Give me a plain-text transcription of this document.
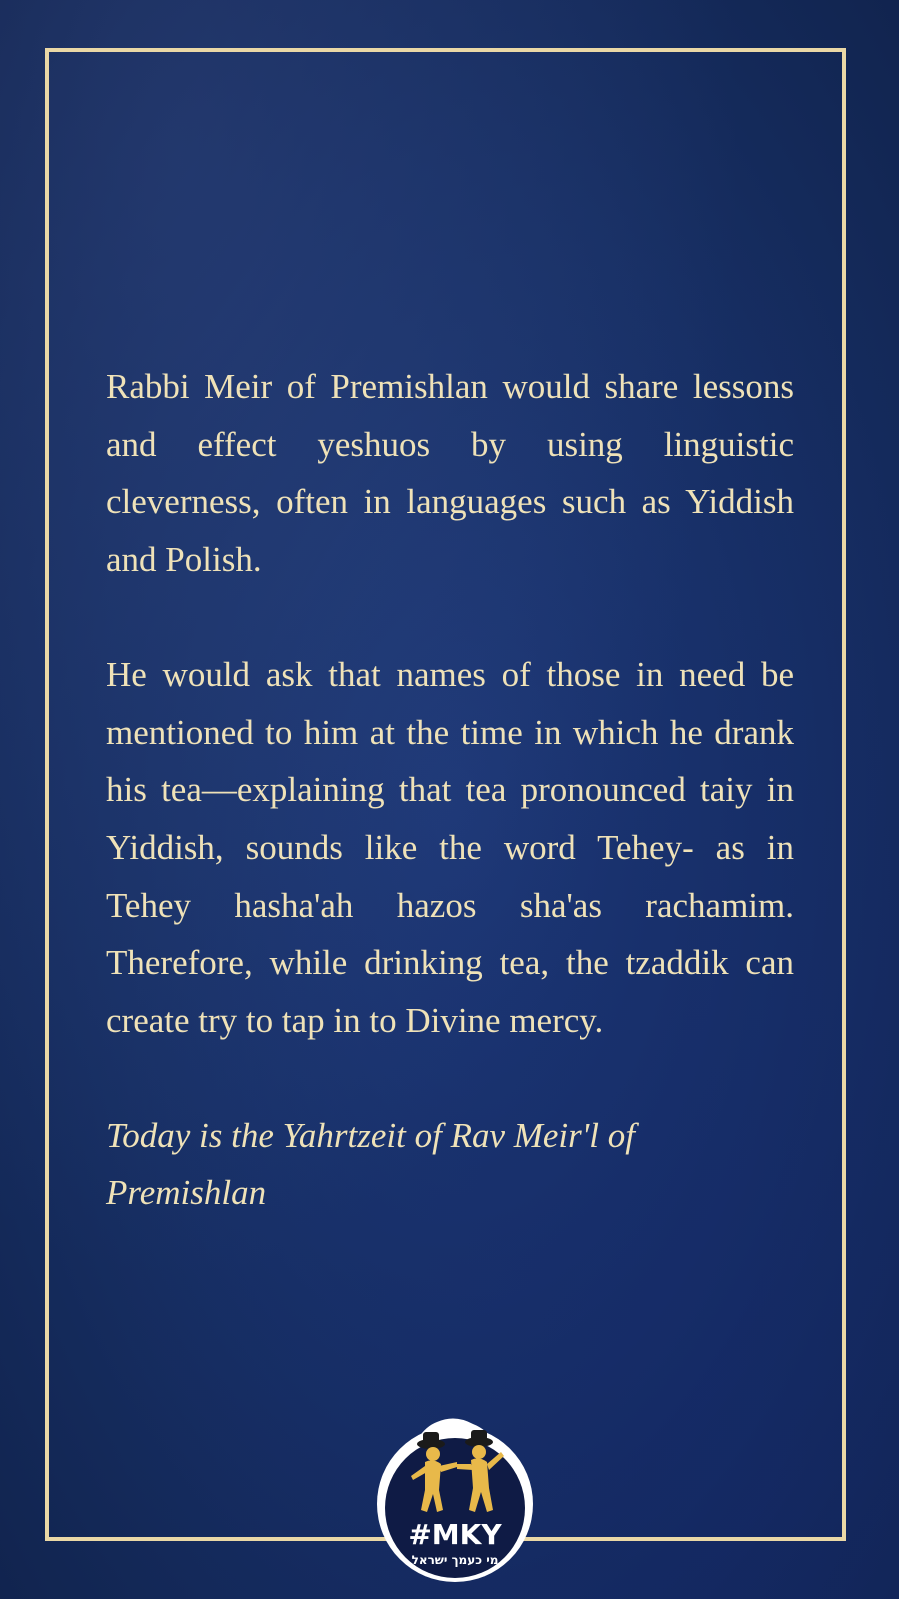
Rabbi Meir of Premishlan would share lessons and effect yeshuos by using linguistic cleverness, often in languages such as Yiddish and Polish.

He would ask that names of those in need be mentioned to him at the time in which he drank his tea—explaining that tea pronounced taiy in Yiddish, sounds like the word Tehey- as in Tehey hasha'ah hazos sha'as rachamim. Therefore, while drinking tea, the tzaddik can create try to tap in to Divine mercy.

Today is the Yahrtzeit of Rav Meir'l of Premishlan

#MKY
מי כעמך ישראל
